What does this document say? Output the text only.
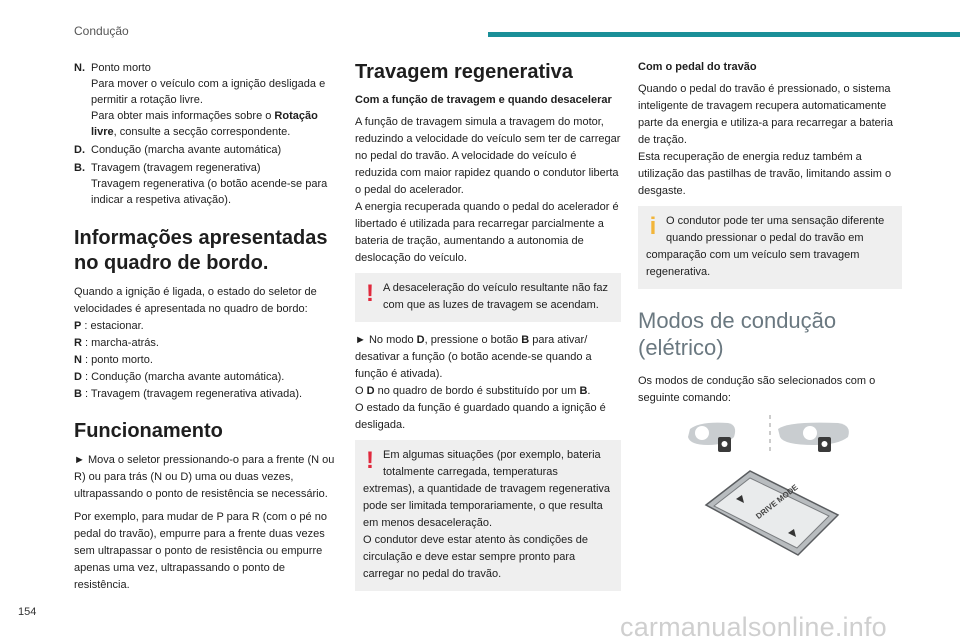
Condução
N. Ponto morto
Para mover o veículo com a ignição desligada e permitir a rotação livre.
Para obter mais informações sobre o Rotação livre, consulte a secção correspondente.
D. Condução (marcha avante automática)
B. Travagem (travagem regenerativa)
Travagem regenerativa (o botão acende-se para indicar a respetiva ativação).
Informações apresentadas no quadro de bordo.
Quando a ignição é ligada, o estado do seletor de velocidades é apresentada no quadro de bordo:
P : estacionar.
R : marcha-atrás.
N : ponto morto.
D : Condução (marcha avante automática).
B : Travagem (travagem regenerativa ativada).
Funcionamento

► Mova o seletor pressionando-o para a frente (N ou R) ou para trás (N ou D) uma ou duas vezes, ultrapassando o ponto de resistência se necessário.

Por exemplo, para mudar de P para R (com o pé no pedal do travão), empurre para a frente duas vezes sem ultrapassar o ponto de resistência ou empurre apenas uma vez, ultrapassando o ponto de resistência.

Travagem regenerativa
Com a função de travagem e quando desacelerar

A função de travagem simula a travagem do motor, reduzindo a velocidade do veículo sem ter de carregar no pedal do travão. A velocidade do veículo é reduzida com maior rapidez quando o condutor liberta o pedal do acelerador.

A energia recuperada quando o pedal do acelerador é libertado é utilizada para recarregar parcialmente a bateria de tração, aumentando a autonomia de deslocação do veículo.

! A desaceleração do veículo resultante não faz com que as luzes de travagem se acendam.

► No modo D, pressione o botão B para ativar/ desativar a função (o botão acende-se quando a função é ativada).

O D no quadro de bordo é substituído por um B.

O estado da função é guardado quando a ignição é desligada.

! Em algumas situações (por exemplo, bateria totalmente carregada, temperaturas extremas), a quantidade de travagem regenerativa pode ser limitada temporariamente, o que resulta em menos desaceleração.
O condutor deve estar atento às condições de circulação e deve estar sempre pronto para carregar no pedal do travão.
Com o pedal do travão

Quando o pedal do travão é pressionado, o sistema inteligente de travagem recupera automaticamente parte da energia e utiliza-a para recarregar a bateria de tração.

Esta recuperação de energia reduz também a utilização das pastilhas de travão, limitando assim o desgaste.

i O condutor pode ter uma sensação diferente quando pressionar o pedal do travão em comparação com um veículo sem travagem regenerativa.
Modos de condução (elétrico)

Os modos de condução são selecionados com o seguinte comando:

DRIVE MODE
154	carmanualsonline.info
